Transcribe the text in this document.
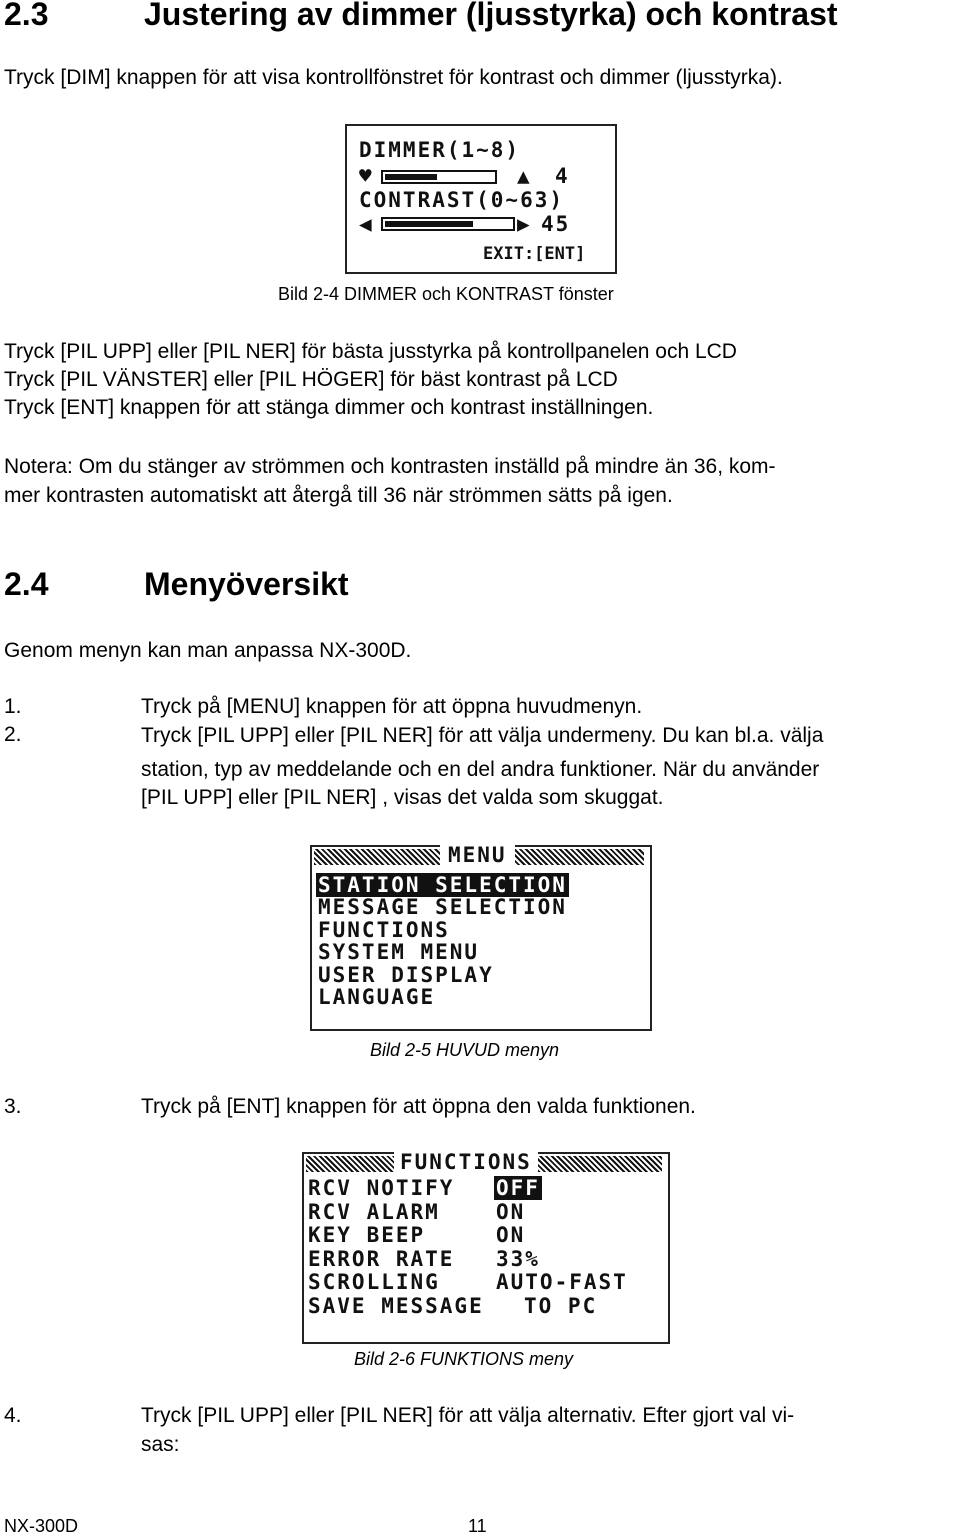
2.3	Justering av dimmer (ljusstyrka) och kontrast
Tryck [DIM] knappen för att visa kontrollfönstret för kontrast och dimmer (ljusstyrka).
DIMMER(1~8)
♥	▲ 4
CONTRAST(0~63)
◀	▶ 45
EXIT:[ENT]
Bild 2-4 DIMMER och KONTRAST fönster
Tryck [PIL UPP] eller [PIL NER] för bästa jusstyrka på kontrollpanelen och LCD
Tryck [PIL VÄNSTER] eller [PIL HÖGER] för bäst kontrast på LCD
Tryck [ENT] knappen för att stänga dimmer och kontrast inställningen.
Notera: Om du stänger av strömmen och kontrasten inställd på mindre än 36, kom-
mer kontrasten automatiskt att återgå till 36 när strömmen sätts på igen.
2.4	Menyöversikt
Genom menyn kan man anpassa NX-300D.
1.	Tryck på [MENU] knappen för att öppna huvudmenyn.
2.	Tryck [PIL UPP] eller [PIL NER] för att välja undermeny. Du kan bl.a. välja
station, typ av meddelande och en del andra funktioner. När du använder
[PIL UPP] eller [PIL NER] , visas det valda som skuggat.
MENU
STATION SELECTION
MESSAGE SELECTION
FUNCTIONS
SYSTEM MENU
USER DISPLAY
LANGUAGE
Bild 2-5 HUVUD menyn
3.	Tryck på [ENT] knappen för att öppna den valda funktionen.
FUNCTIONS
RCV NOTIFY OFF
RCV ALARM	ON
KEY BEEP	ON
ERROR RATE 33%
SCROLLING	AUTO-FAST
SAVE MESSAGE TO PC
Bild 2-6 FUNKTIONS meny
4.	Tryck [PIL UPP] eller [PIL NER] för att välja alternativ. Efter gjort val vi-
sas:
NX-300D	11
